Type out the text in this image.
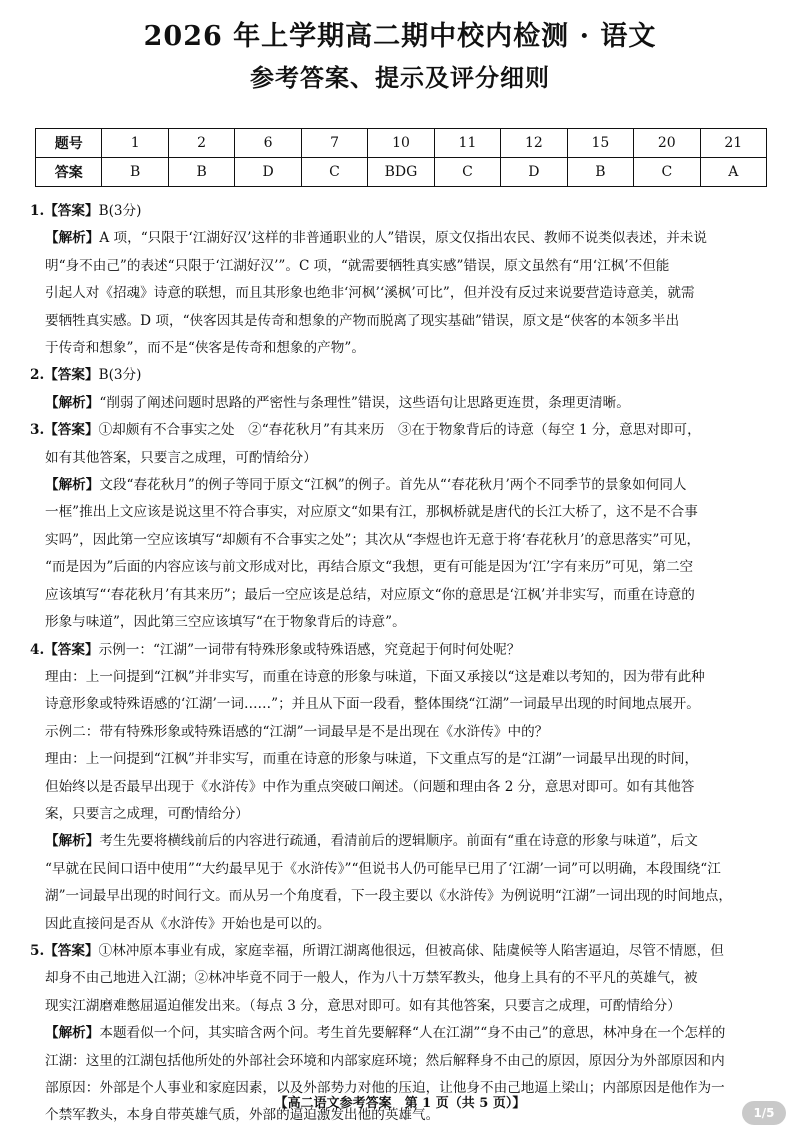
2026 年上学期高二期中校内检测 · 语文
参考答案、提示及评分细则
题号	1	2	6	7	10	11	12	15	20	21
答案	B	B	D	C	BDG	C	D	B	C	A
1.【答案】B(3分)
【解析】A 项，“只限于‘江湖好汉’这样的非普通职业的人”错误，原文仅指出农民、教师不说类似表述，并未说
明“身不由己”的表述“只限于‘江湖好汉’”。C 项，“就需要牺牲真实感”错误，原文虽然有“用‘江枫’不但能
引起人对《招魂》诗意的联想，而且其形象也绝非‘河枫’‘溪枫’可比”，但并没有反过来说要营造诗意美，就需
要牺牲真实感。D 项，“侠客因其是传奇和想象的产物而脱离了现实基础”错误，原文是“侠客的本领多半出
于传奇和想象”，而不是“侠客是传奇和想象的产物”。
2.【答案】B(3分)
【解析】“削弱了阐述问题时思路的严密性与条理性”错误，这些语句让思路更连贯，条理更清晰。
3.【答案】①却颇有不合事实之处　②“春花秋月”有其来历　③在于物象背后的诗意（每空 1 分，意思对即可，
如有其他答案，只要言之成理，可酌情给分）
【解析】文段“春花秋月”的例子等同于原文“江枫”的例子。首先从“‘春花秋月’两个不同季节的景象如何同人
一框”推出上文应该是说这里不符合事实，对应原文“如果有江，那枫桥就是唐代的长江大桥了，这不是不合事
实吗”，因此第一空应该填写“却颇有不合事实之处”；其次从“李煜也许无意于将‘春花秋月’的意思落实”可见，
“而是因为”后面的内容应该与前文形成对比，再结合原文“我想，更有可能是因为‘江’字有来历”可见，第二空
应该填写“‘春花秋月’有其来历”；最后一空应该是总结，对应原文“你的意思是‘江枫’并非实写，而重在诗意的
形象与味道”，因此第三空应该填写“在于物象背后的诗意”。
4.【答案】示例一：“江湖”一词带有特殊形象或特殊语感，究竟起于何时何处呢？
理由：上一问提到“江枫”并非实写，而重在诗意的形象与味道，下面又承接以“这是难以考知的，因为带有此种
诗意形象或特殊语感的‘江湖’一词……”；并且从下面一段看，整体围绕“江湖”一词最早出现的时间地点展开。
示例二：带有特殊形象或特殊语感的“江湖”一词最早是不是出现在《水浒传》中的？
理由：上一问提到“江枫”并非实写，而重在诗意的形象与味道，下文重点写的是“江湖”一词最早出现的时间，
但始终以是否最早出现于《水浒传》中作为重点突破口阐述。（问题和理由各 2 分，意思对即可。如有其他答
案，只要言之成理，可酌情给分）
【解析】考生先要将横线前后的内容进行疏通，看清前后的逻辑顺序。前面有“重在诗意的形象与味道”，后文
“早就在民间口语中使用”“大约最早见于《水浒传》”“但说书人仍可能早已用了‘江湖’一词”可以明确，本段围绕“江
湖”一词最早出现的时间行文。而从另一个角度看，下一段主要以《水浒传》为例说明“江湖”一词出现的时间地点，
因此直接问是否从《水浒传》开始也是可以的。
5.【答案】①林冲原本事业有成，家庭幸福，所谓江湖离他很远，但被高俅、陆虞候等人陷害逼迫，尽管不情愿，但
却身不由己地进入江湖；②林冲毕竟不同于一般人，作为八十万禁军教头，他身上具有的不平凡的英雄气，被
现实江湖磨难憋屈逼迫催发出来。（每点 3 分，意思对即可。如有其他答案，只要言之成理，可酌情给分）
【解析】本题看似一个问，其实暗含两个问。考生首先要解释“人在江湖”“身不由己”的意思，林冲身在一个怎样的
江湖：这里的江湖包括他所处的外部社会环境和内部家庭环境；然后解释身不由己的原因，原因分为外部原因和内
部原因：外部是个人事业和家庭因素，以及外部势力对他的压迫，让他身不由己地逼上梁山；内部原因是他作为一
个禁军教头，本身自带英雄气质，外部的逼迫激发出他的英雄气。
【高二语文参考答案　第 1 页（共 5 页）】
1/5
